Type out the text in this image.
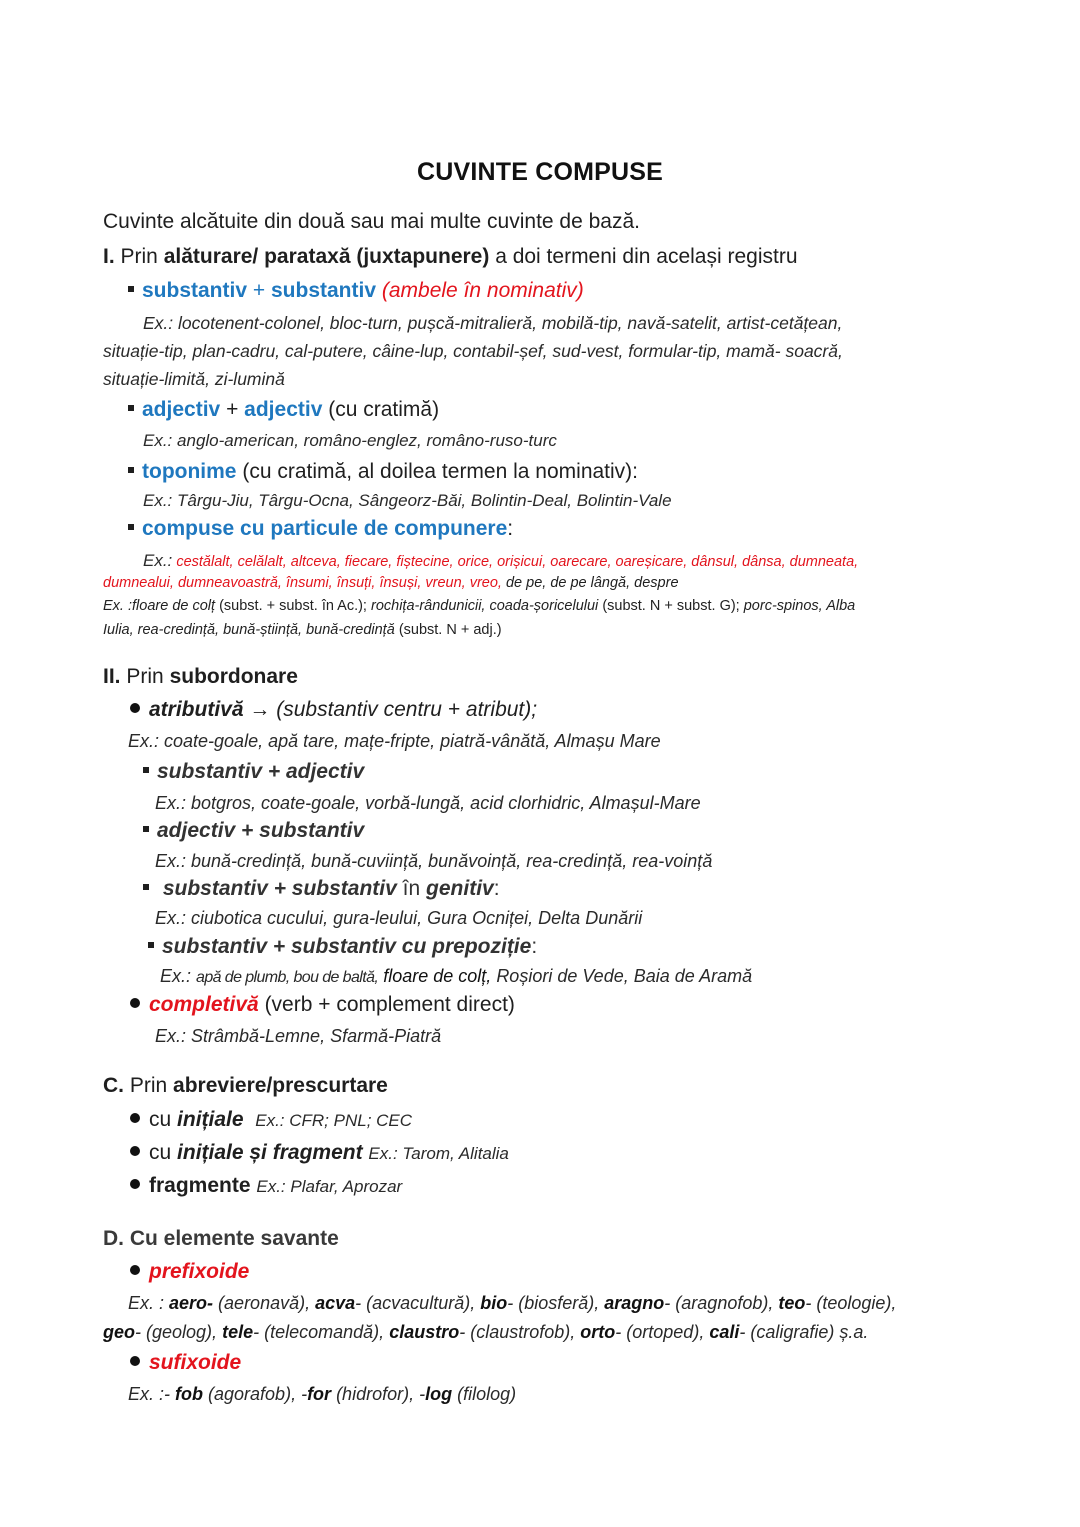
CUVINTE COMPUSE
Cuvinte alcătuite din două sau mai multe cuvinte de bază.
I. Prin alăturare/ parataxă (juxtapunere) a doi termeni din același registru
substantiv + substantiv (ambele în nominativ)
Ex.: locotenent-colonel, bloc-turn, pușcă-mitralieră, mobilă-tip, navă-satelit, artist-cetățean,
situație-tip, plan-cadru, cal-putere, câine-lup, contabil-șef, sud-vest, formular-tip, mamă- soacră,
situație-limită, zi-lumină
adjectiv + adjectiv (cu cratimă)
Ex.: anglo-american, româno-englez, româno-ruso-turc
toponime (cu cratimă, al doilea termen la nominativ):
Ex.: Târgu-Jiu, Târgu-Ocna, Sângeorz-Băi, Bolintin-Deal, Bolintin-Vale
compuse cu particule de compunere:
Ex.: cestălalt, celălalt, altceva, fiecare, fiștecine, orice, orișicui, oarecare, oareșicare, dânsul, dânsa, dumneata,
dumnealui, dumneavoastră, însumi, însuți, însuși, vreun, vreo, de pe, de pe lângă, despre
Ex. :floare de colț (subst. + subst. în Ac.); rochița-rândunicii, coada-șoricelului (subst. N + subst. G); porc-spinos, Alba
Iulia, rea-credință, bună-știință, bună-credință (subst. N + adj.)
II. Prin subordonare
atributivă → (substantiv centru + atribut);
Ex.: coate-goale, apă tare, mațe-fripte, piatră-vânătă, Almașu Mare
substantiv + adjectiv
Ex.: botgros, coate-goale, vorbă-lungă, acid clorhidric, Almașul-Mare
adjectiv + substantiv
Ex.: bună-credință, bună-cuviință, bunăvoință, rea-credință, rea-voință
substantiv + substantiv în genitiv:
Ex.: ciubotica cucului, gura-leului, Gura Ocniței, Delta Dunării
substantiv + substantiv cu prepoziție:
Ex.: apă de plumb, bou de baltă, floare de colț, Roșiori de Vede, Baia de Aramă
completivă (verb + complement direct)
Ex.: Strâmbă-Lemne, Sfarmă-Piatră
C. Prin abreviere/prescurtare
cu inițiale Ex.: CFR; PNL; CEC
cu inițiale și fragment Ex.: Tarom, Alitalia
fragmente Ex.: Plafar, Aprozar
D. Cu elemente savante
prefixoide
Ex. : aero- (aeronavă), acva- (acvacultură), bio- (biosferă), aragno- (aragnofob), teo- (teologie),
geo- (geolog), tele- (telecomandă), claustro- (claustrofob), orto- (ortoped), cali- (caligrafie) ș.a.
sufixoide
Ex. :- fob (agorafob), -for (hidrofor), -log (filolog)
